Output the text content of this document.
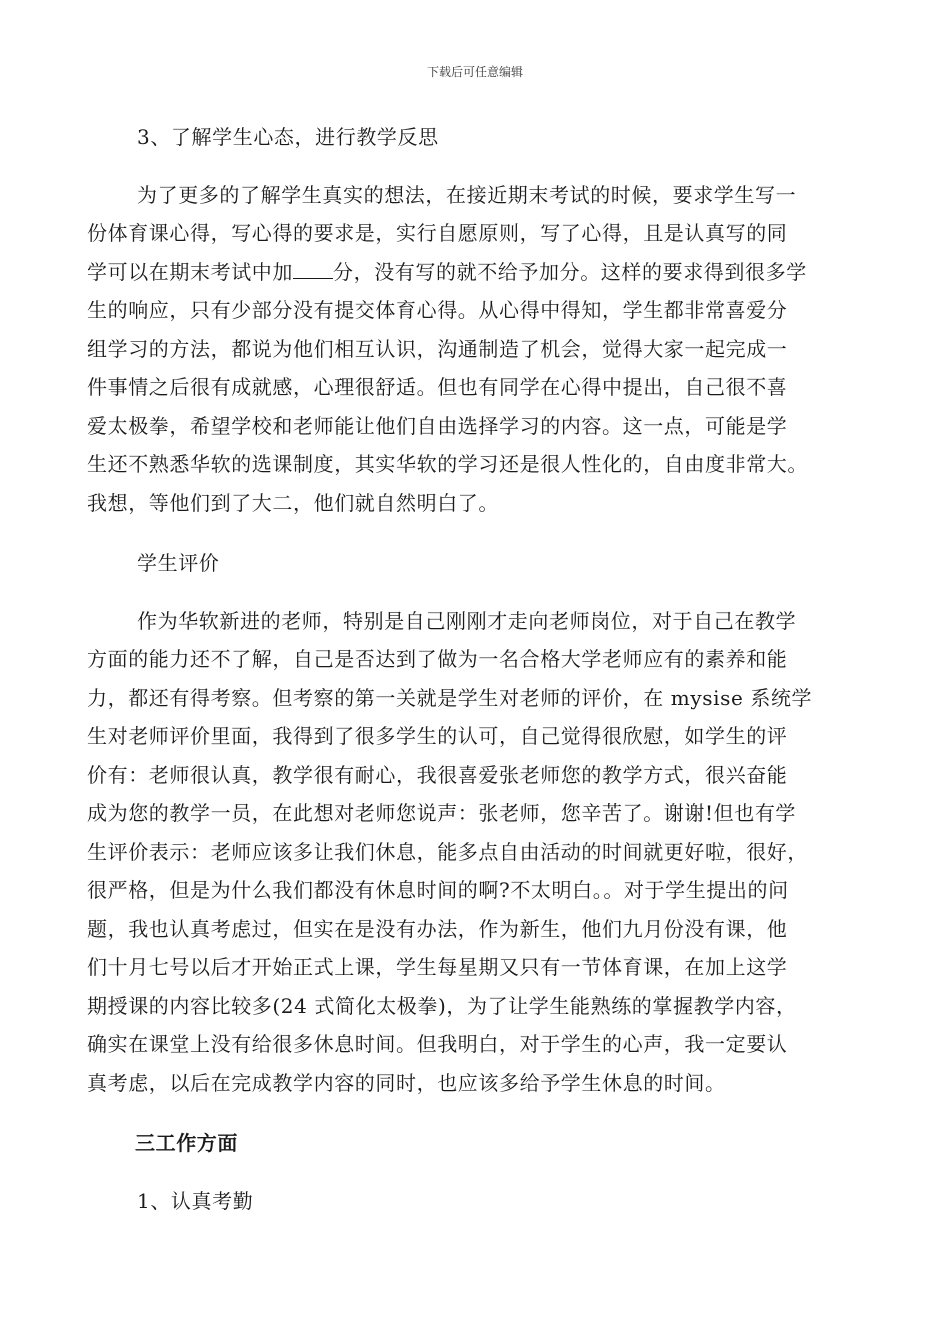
下载后可任意编辑
3、了解学生心态，进行教学反思
为了更多的了解学生真实的想法，在接近期末考试的时候，要求学生写一
份体育课心得，写心得的要求是，实行自愿原则，写了心得，且是认真写的同
学可以在期末考试中加 分，没有写的就不给予加分。这样的要求得到很多学
生的响应，只有少部分没有提交体育心得。从心得中得知，学生都非常喜爱分
组学习的方法，都说为他们相互认识，沟通制造了机会，觉得大家一起完成一
件事情之后很有成就感，心理很舒适。但也有同学在心得中提出，自己很不喜
爱太极拳，希望学校和老师能让他们自由选择学习的内容。这一点，可能是学
生还不熟悉华软的选课制度，其实华软的学习还是很人性化的，自由度非常大。
我想，等他们到了大二，他们就自然明白了。
学生评价
作为华软新进的老师，特别是自己刚刚才走向老师岗位，对于自己在教学
方面的能力还不了解，自己是否达到了做为一名合格大学老师应有的素养和能
力，都还有得考察。但考察的第一关就是学生对老师的评价，在 mysise 系统学
生对老师评价里面，我得到了很多学生的认可，自己觉得很欣慰，如学生的评
价有：老师很认真，教学很有耐心，我很喜爱张老师您的教学方式，很兴奋能
成为您的教学一员，在此想对老师您说声：张老师，您辛苦了。谢谢!但也有学
生评价表示：老师应该多让我们休息，能多点自由活动的时间就更好啦，很好，
很严格，但是为什么我们都没有休息时间的啊?不太明白。。对于学生提出的问
题，我也认真考虑过，但实在是没有办法，作为新生，他们九月份没有课，他
们十月七号以后才开始正式上课，学生每星期又只有一节体育课，在加上这学
期授课的内容比较多(24 式简化太极拳)，为了让学生能熟练的掌握教学内容，
确实在课堂上没有给很多休息时间。但我明白，对于学生的心声，我一定要认
真考虑，以后在完成教学内容的同时，也应该多给予学生休息的时间。
三工作方面
1、认真考勤
